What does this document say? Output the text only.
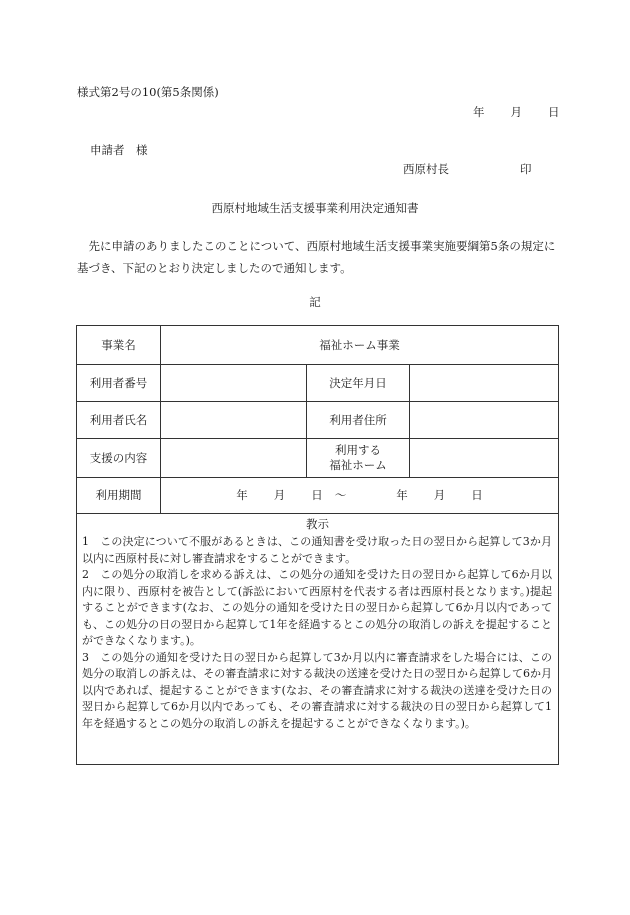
様式第2号の10(第5条関係)
年 月 日
申請者　様
西原村長	印
西原村地域生活支援事業利用決定通知書
先に申請のありましたこのことについて、西原村地域生活支援事業実施要綱第5条の規定に基づき、下記のとおり決定しましたので通知します。
記
事業名	福祉ホーム事業		
利用者番号		決定年月日	
利用者氏名		利用者住所	
支援の内容		利用する
福祉ホーム	

利用期間	年 月 日 ～ 年 月 日		

教示

1　この決定について不服があるときは、この通知書を受け取った日の翌日から起算して3か月以内に西原村長に対し審査請求をすることができます。

2　この処分の取消しを求める訴えは、この処分の通知を受けた日の翌日から起算して6か月以内に限り、西原村を被告として(訴訟において西原村を代表する者は西原村長となります。)提起することができます(なお、この処分の通知を受けた日の翌日から起算して6か月以内であっても、この処分の日の翌日から起算して1年を経過するとこの処分の取消しの訴えを提起することができなくなります。)。

3　この処分の通知を受けた日の翌日から起算して3か月以内に審査請求をした場合には、この処分の取消しの訴えは、その審査請求に対する裁決の送達を受けた日の翌日から起算して6か月以内であれば、提起することができます(なお、その審査請求に対する裁決の送達を受けた日の翌日から起算して6か月以内であっても、その審査請求に対する裁決の日の翌日から起算して1年を経過するとこの処分の取消しの訴えを提起することができなくなります。)。			
